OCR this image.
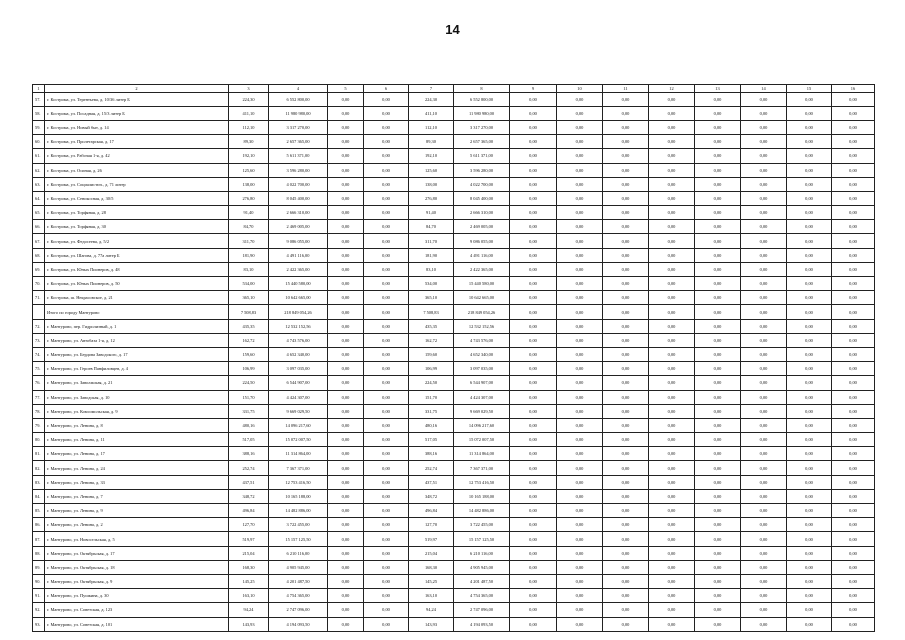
14
1	2	3	4	5	6	7	8	9	10	11	12	13	14	15	16
57.	г. Кострома, ул. Терентьева, д. 10/36 литер Б	224,30	6 552 800,00	0,00	0,00	224,30	6 552 800,00	0,00	0,00	0,00	0,00	0,00	0,00	0,00	0,00
58.	г. Кострома, ул. Посадная, д. 15/3 литер Б	411,10	11 980 980,00	0,00	0,00	411,10	11 980 980,00	0,00	0,00	0,00	0,00	0,00	0,00	0,00	0,00
59.	г. Кострома, ул. Новый быт, д. 14	112,10	3 317 270,00	0,00	0,00	112,10	3 317 270,00	0,00	0,00	0,00	0,00	0,00	0,00	0,00	0,00
60.	г. Кострома, ул. Пролетарская, д. 17	89,30	2 657 365,00	0,00	0,00	89,30	2 657 365,00	0,00	0,00	0,00	0,00	0,00	0,00	0,00	0,00
61.	г. Кострома, ул. Рабочая 1-я, д. 42	192,10	5 611 371,00	0,00	0,00	192,10	5 611 371,00	0,00	0,00	0,00	0,00	0,00	0,00	0,00	0,00
62.	г. Кострома, ул. Осиная, д. 26	125,60	3 596 280,00	0,00	0,00	125,60	3 596 280,00	0,00	0,00	0,00	0,00	0,00	0,00	0,00	0,00
63.	г. Кострома, ул. Социалистич., д. 71 литер	138,00	4 022 700,00	0,00	0,00	138,00	4 022 700,00	0,00	0,00	0,00	0,00	0,00	0,00	0,00	0,00
64.	г. Кострома, ул. Сенокосная, д. 30/5	276,80	8 045 400,00	0,00	0,00	276,80	8 045 400,00	0,00	0,00	0,00	0,00	0,00	0,00	0,00	0,00
65.	г. Кострома, ул. Торфяная, д. 28	91,40	2 666 310,00	0,00	0,00	91,40	2 666 310,00	0,00	0,00	0,00	0,00	0,00	0,00	0,00	0,00
66.	г. Кострома, ул. Торфяная, д. 30	84,70	2 469 005,00	0,00	0,00	84,70	2 469 005,00	0,00	0,00	0,00	0,00	0,00	0,00	0,00	0,00
67.	г. Кострома, ул. Федосеева, д. 5/2	311,70	9 086 055,00	0,00	0,00	311,70	9 086 055,00	0,00	0,00	0,00	0,00	0,00	0,00	0,00	0,00
68.	г. Кострома, ул. Шагова, д. 77а литер Б	181,90	4 491 116,00	0,00	0,00	181,90	4 491 116,00	0,00	0,00	0,00	0,00	0,00	0,00	0,00	0,00
69.	г. Кострома, ул. Юных Пионеров, д. 48	83,10	2 422 365,00	0,00	0,00	83,10	2 422 365,00	0,00	0,00	0,00	0,00	0,00	0,00	0,00	0,00
70.	г. Кострома, ул. Юных Пионеров, д. 50	534,00	15 440 580,00	0,00	0,00	534,00	15 440 580,00	0,00	0,00	0,00	0,00	0,00	0,00	0,00	0,00
71.	г. Кострома, ш. Некрасовское, д. 21	365,10	10 642 665,00	0,00	0,00	365,10	10 642 665,00	0,00	0,00	0,00	0,00	0,00	0,00	0,00	0,00
	Итого по городу Мантурово	7 508,83	218 849 054,26	0,00	0,00	7 508,83	218 849 054,26	0,00	0,00	0,00	0,00	0,00	0,00	0,00	0,00
72.	г. Мантурово, пер. Гидролизный, д. 1	435,35	12 532 152,56	0,00	0,00	435,35	12 532 152,56	0,00	0,00	0,00	0,00	0,00	0,00	0,00	0,00
73.	г. Мантурово, ул. Автобаза 1-я, д. 12	162,72	4 743 576,00	0,00	0,00	162,72	4 743 576,00	0,00	0,00	0,00	0,00	0,00	0,00	0,00	0,00
74.	г. Мантурово, ул. Бердова Заводского, д. 17	159,60	4 652 340,00	0,00	0,00	159,60	4 652 340,00	0,00	0,00	0,00	0,00	0,00	0,00	0,00	0,00
75.	г. Мантурово, ул. Героев Панфиловцев, д. 4	106,99	3 097 035,00	0,00	0,00	106,99	3 097 035,00	0,00	0,00	0,00	0,00	0,00	0,00	0,00	0,00
76.	г. Мантурово, ул. Заволжская, д. 21	224,50	6 544 907,00	0,00	0,00	224,50	6 544 907,00	0,00	0,00	0,00	0,00	0,00	0,00	0,00	0,00
77.	г. Мантурово, ул. Заводская, д. 10	151,70	4 424 307,00	0,00	0,00	151,70	4 424 307,00	0,00	0,00	0,00	0,00	0,00	0,00	0,00	0,00
78.	г. Мантурово, ул. Комсомольская, д. 9	331,75	9 669 029,50	0,00	0,00	331,75	9 669 029,50	0,00	0,00	0,00	0,00	0,00	0,00	0,00	0,00
79.	г. Мантурово, ул. Ленина, д. 8	480,16	14 096 217,60	0,00	0,00	480,16	14 096 217,60	0,00	0,00	0,00	0,00	0,00	0,00	0,00	0,00
80.	г. Мантурово, ул. Ленина, д. 11	517,05	15 072 007,50	0,00	0,00	517,05	15 072 007,50	0,00	0,00	0,00	0,00	0,00	0,00	0,00	0,00
81.	г. Мантурово, ул. Ленина, д. 17	388,16	11 314 864,00	0,00	0,00	388,16	11 314 864,00	0,00	0,00	0,00	0,00	0,00	0,00	0,00	0,00
82.	г. Мантурово, ул. Ленина, д. 24	252,74	7 367 371,00	0,00	0,00	252,74	7 367 371,00	0,00	0,00	0,00	0,00	0,00	0,00	0,00	0,00
83.	г. Мантурово, ул. Ленина, д. 33	437,51	12 753 416,50	0,00	0,00	437,51	12 753 416,50	0,00	0,00	0,00	0,00	0,00	0,00	0,00	0,00
84.	г. Мантурово, ул. Ленина, д. 7	348,72	10 165 188,00	0,00	0,00	348,72	10 165 188,00	0,00	0,00	0,00	0,00	0,00	0,00	0,00	0,00
85.	г. Мантурово, ул. Ленина, д. 9	496,84	14 482 886,00	0,00	0,00	496,84	14 482 886,00	0,00	0,00	0,00	0,00	0,00	0,00	0,00	0,00
86.	г. Мантурово, ул. Ленина, д. 2	127,70	3 722 455,00	0,00	0,00	127,70	3 722 455,00	0,00	0,00	0,00	0,00	0,00	0,00	0,00	0,00
87.	г. Мантурово, ул. Новосельская, д. 5	519,97	15 157 125,50	0,00	0,00	519,97	15 157 125,50	0,00	0,00	0,00	0,00	0,00	0,00	0,00	0,00
88.	г. Мантурово, ул. Октябрьская, д. 17	215,04	6 210 116,00	0,00	0,00	215,04	6 210 116,00	0,00	0,00	0,00	0,00	0,00	0,00	0,00	0,00
89.	г. Мантурово, ул. Октябрьская, д. 18	168,30	4 905 945,00	0,00	0,00	168,30	4 905 945,00	0,00	0,00	0,00	0,00	0,00	0,00	0,00	0,00
90.	г. Мантурово, ул. Октябрьская, д. 9	145,25	4 201 487,50	0,00	0,00	145,25	4 201 487,50	0,00	0,00	0,00	0,00	0,00	0,00	0,00	0,00
91.	г. Мантурово, ул. Пушкина, д. 30	163,10	4 754 365,00	0,00	0,00	163,10	4 754 365,00	0,00	0,00	0,00	0,00	0,00	0,00	0,00	0,00
92.	г. Мантурово, ул. Советская, д. 123	94,24	2 747 096,00	0,00	0,00	94,24	2 747 096,00	0,00	0,00	0,00	0,00	0,00	0,00	0,00	0,00
93.	г. Мантурово, ул. Советская, д. 101	143,93	4 194 093,50	0,00	0,00	143,93	4 194 093,50	0,00	0,00	0,00	0,00	0,00	0,00	0,00	0,00
